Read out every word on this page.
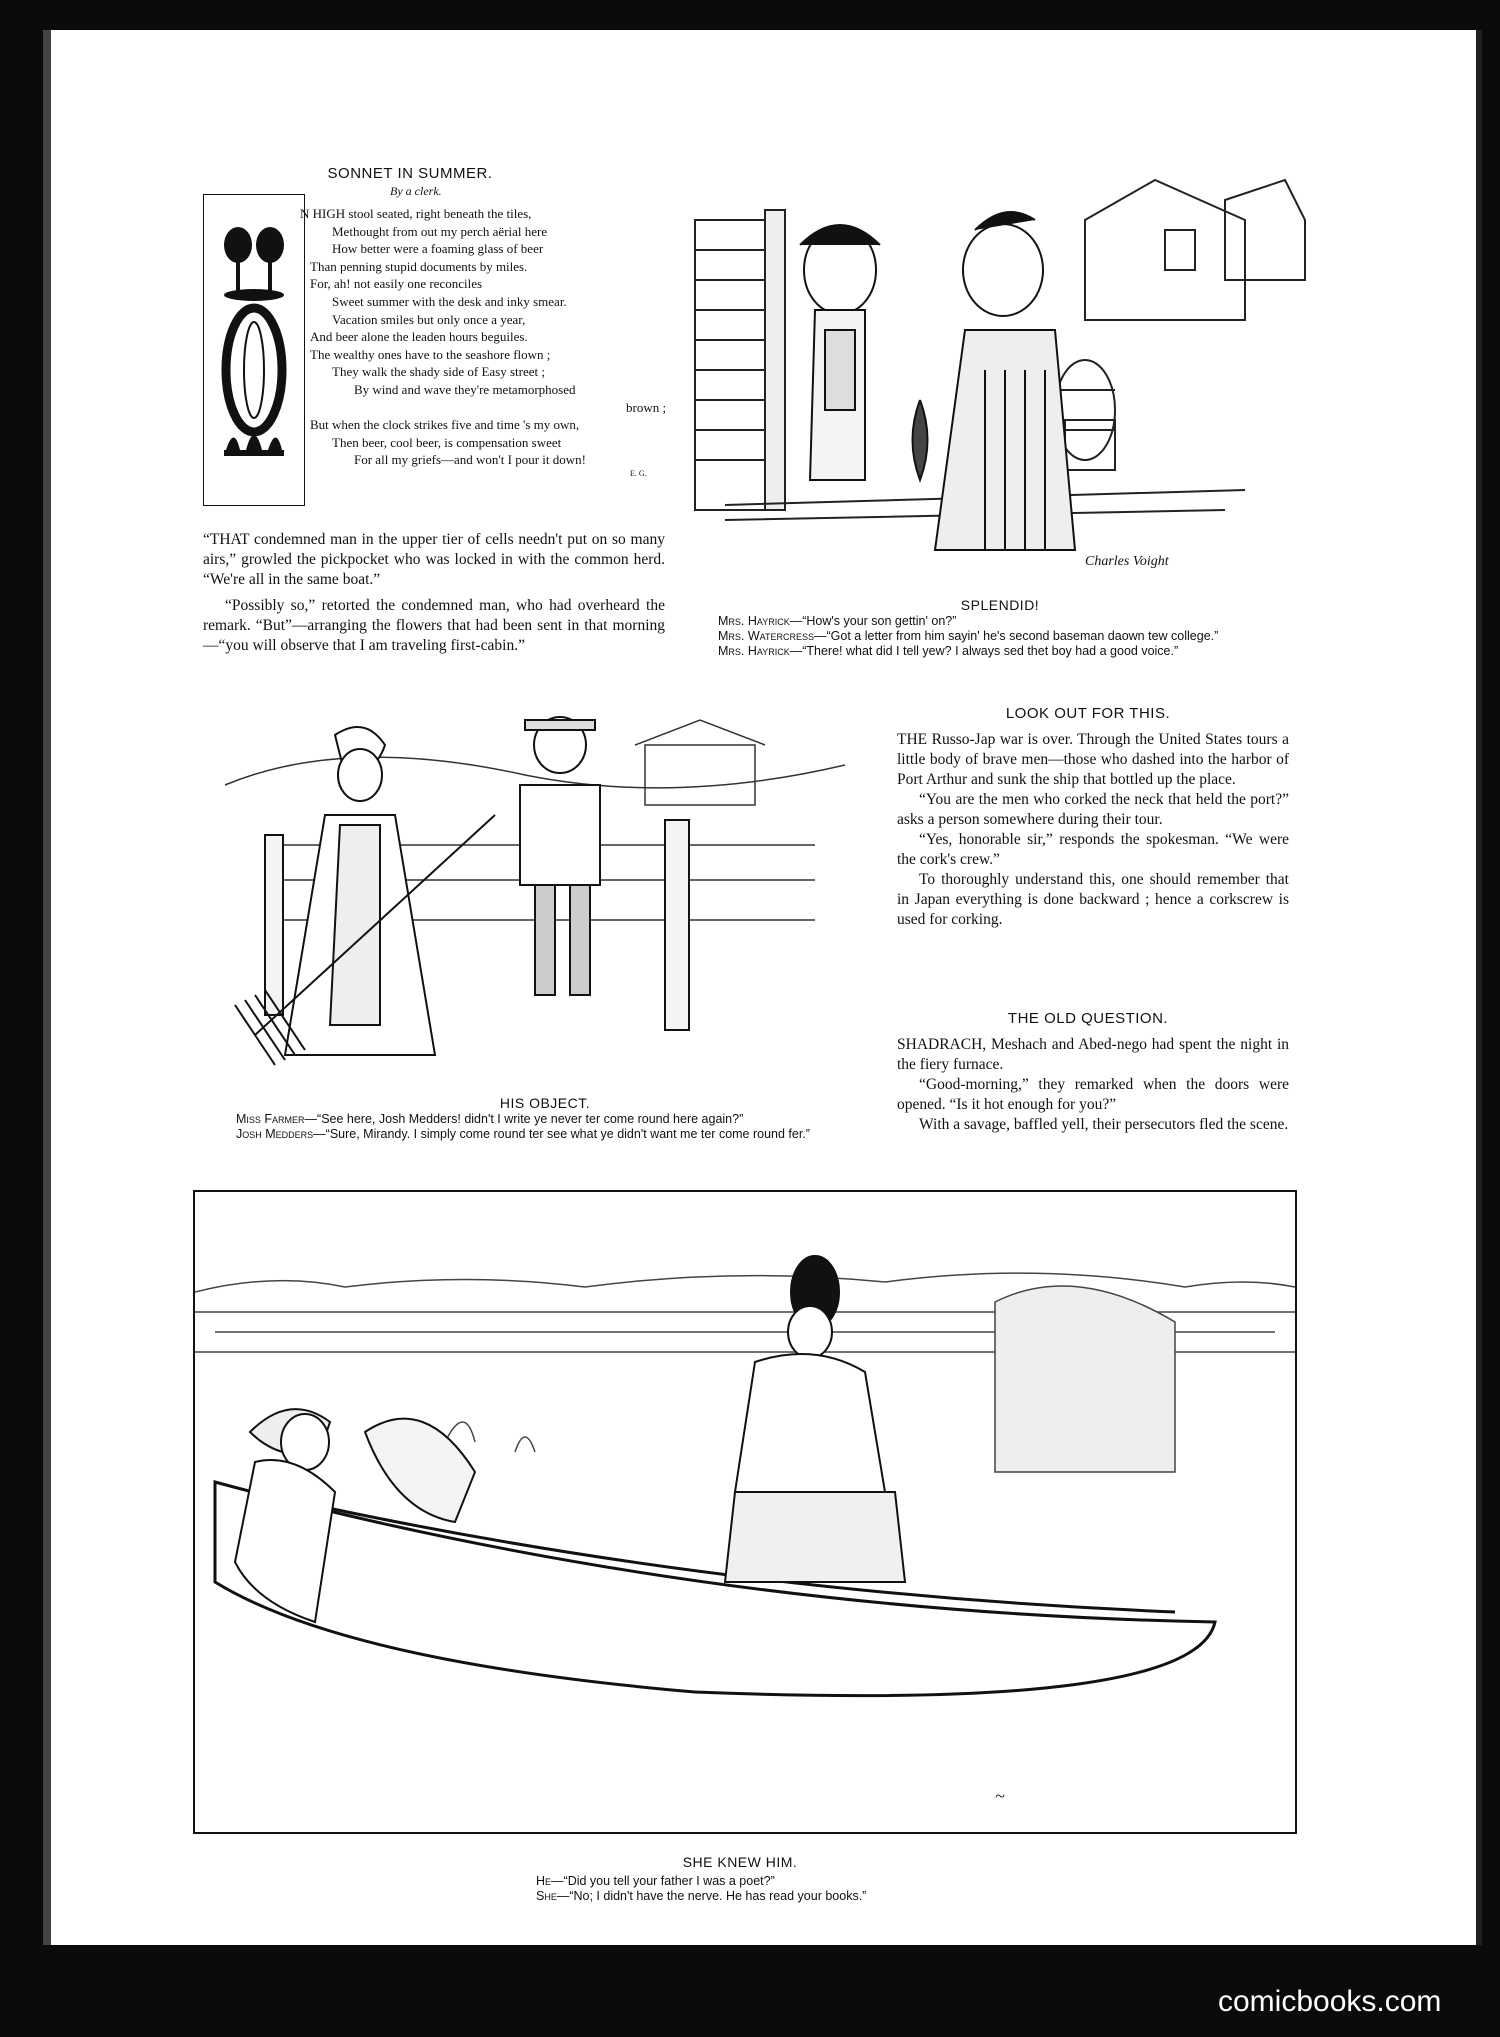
SONNET IN SUMMER.
By a clerk.
N HIGH stool seated, right beneath the tiles,
Methought from out my perch aërial here
How better were a foaming glass of beer
Than penning stupid documents by miles.
For, ah! not easily one reconciles
Sweet summer with the desk and inky smear.
Vacation smiles but only once a year,
And beer alone the leaden hours beguiles.
The wealthy ones have to the seashore flown ;
They walk the shady side of Easy street ;
By wind and wave they're metamorphosed
brown ;
But when the clock strikes five and time 's my own,
Then beer, cool beer, is compensation sweet
For all my griefs—and won't I pour it down!
E. G.

“THAT condemned man in the upper tier of cells needn't put on so many airs,” growled the pickpocket who was locked in with the common herd. “We're all in the same boat.”

“Possibly so,” retorted the condemned man, who had overheard the remark. “But”—arranging the flowers that had been sent in that morning—“you will observe that I am traveling first-cabin.”

Charles Voight
SPLENDID!
Mrs. Hayrick—“How's your son gettin' on?”
Mrs. Watercress—“Got a letter from him sayin' he's second baseman daown tew college.”
Mrs. Hayrick—“There! what did I tell yew? I always sed thet boy had a good voice.”
HIS OBJECT.
Miss Farmer—“See here, Josh Medders! didn't I write ye never ter come round here again?”
Josh Medders—“Sure, Mirandy. I simply come round ter see what ye didn't want me ter come round fer.”
LOOK OUT FOR THIS.

THE Russo-Jap war is over. Through the United States tours a little body of brave men—those who dashed into the harbor of Port Arthur and sunk the ship that bottled up the place.

“You are the men who corked the neck that held the port?” asks a person somewhere during their tour.

“Yes, honorable sir,” responds the spokesman. “We were the cork's crew.”

To thoroughly understand this, one should remember that in Japan everything is done backward ; hence a corkscrew is used for corking.

THE OLD QUESTION.

SHADRACH, Meshach and Abed-nego had spent the night in the fiery furnace.

“Good-morning,” they remarked when the doors were opened. “Is it hot enough for you?”

With a savage, baffled yell, their persecutors fled the scene.

~
SHE KNEW HIM.
He—“Did you tell your father I was a poet?”
She—“No; I didn't have the nerve. He has read your books.”
comicbooks.com
